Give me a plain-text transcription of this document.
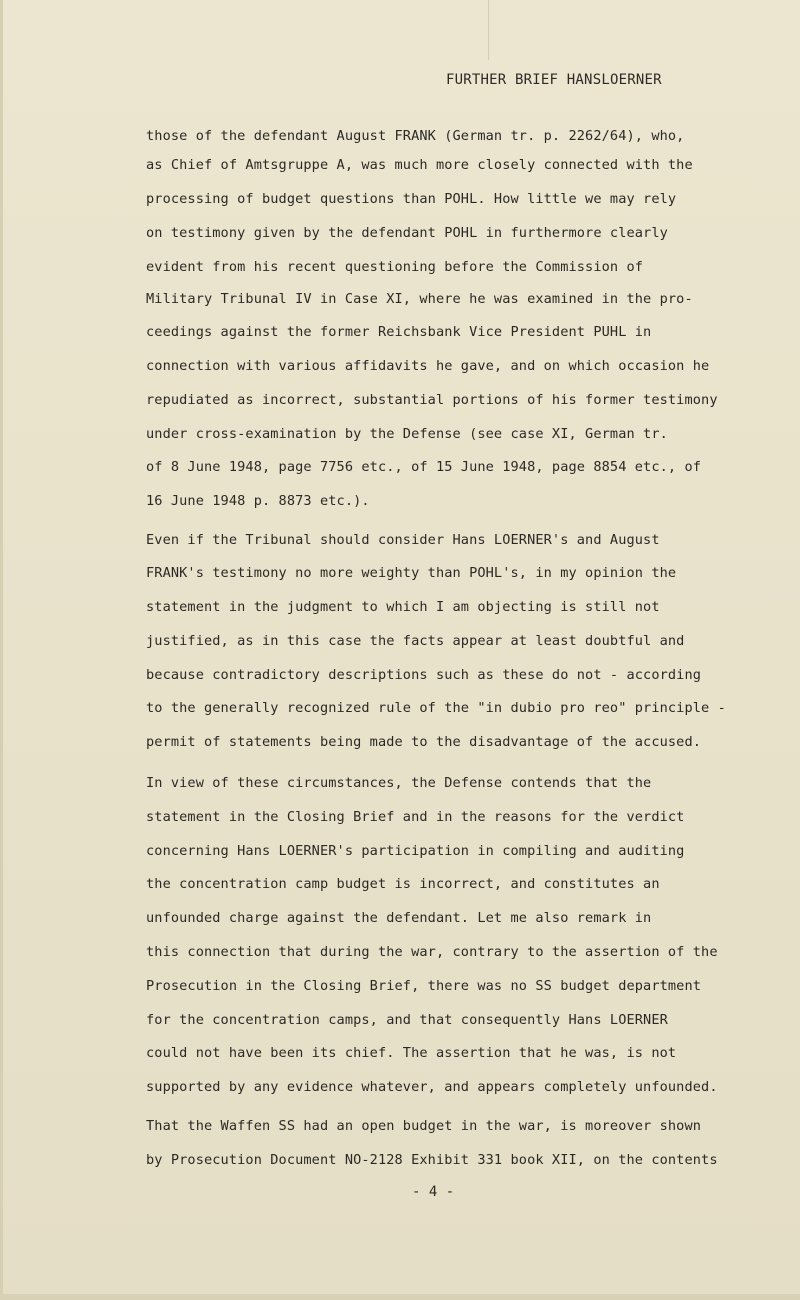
FURTHER BRIEF HANSLOERNER
those of the defendant August FRANK (German tr. p. 2262/64), who,
as Chief of Amtsgruppe A, was much more closely connected with the
processing of budget questions than POHL. How little we may rely
on testimony given by the defendant POHL in furthermore clearly
evident from his recent questioning before the Commission of
Military Tribunal IV in Case XI, where he was examined in the pro-
ceedings against the former Reichsbank Vice President PUHL in
connection with various affidavits he gave, and on which occasion he
repudiated as incorrect, substantial portions of his former testimony
under cross-examination by the Defense (see case XI, German tr.
of 8 June 1948, page 7756 etc., of 15 June 1948, page 8854 etc., of
16 June 1948 p. 8873 etc.).
Even if the Tribunal should consider Hans LOERNER's and August
FRANK's testimony no more weighty than POHL's, in my opinion the
statement in the judgment to which I am objecting is still not
justified, as in this case the facts appear at least doubtful and
because contradictory descriptions such as these do not - according
to the generally recognized rule of the "in dubio pro reo" principle -
permit of statements being made to the disadvantage of the accused.
In view of these circumstances, the Defense contends that the
statement in the Closing Brief and in the reasons for the verdict
concerning Hans LOERNER's participation in compiling and auditing
the concentration camp budget is incorrect, and constitutes an
unfounded charge against the defendant. Let me also remark in
this connection that during the war, contrary to the assertion of the
Prosecution in the Closing Brief, there was no SS budget department
for the concentration camps, and that consequently Hans LOERNER
could not have been its chief. The assertion that he was, is not
supported by any evidence whatever, and appears completely unfounded.
That the Waffen SS had an open budget in the war, is moreover shown
by Prosecution Document NO-2128 Exhibit 331 book XII, on the contents
- 4 -
